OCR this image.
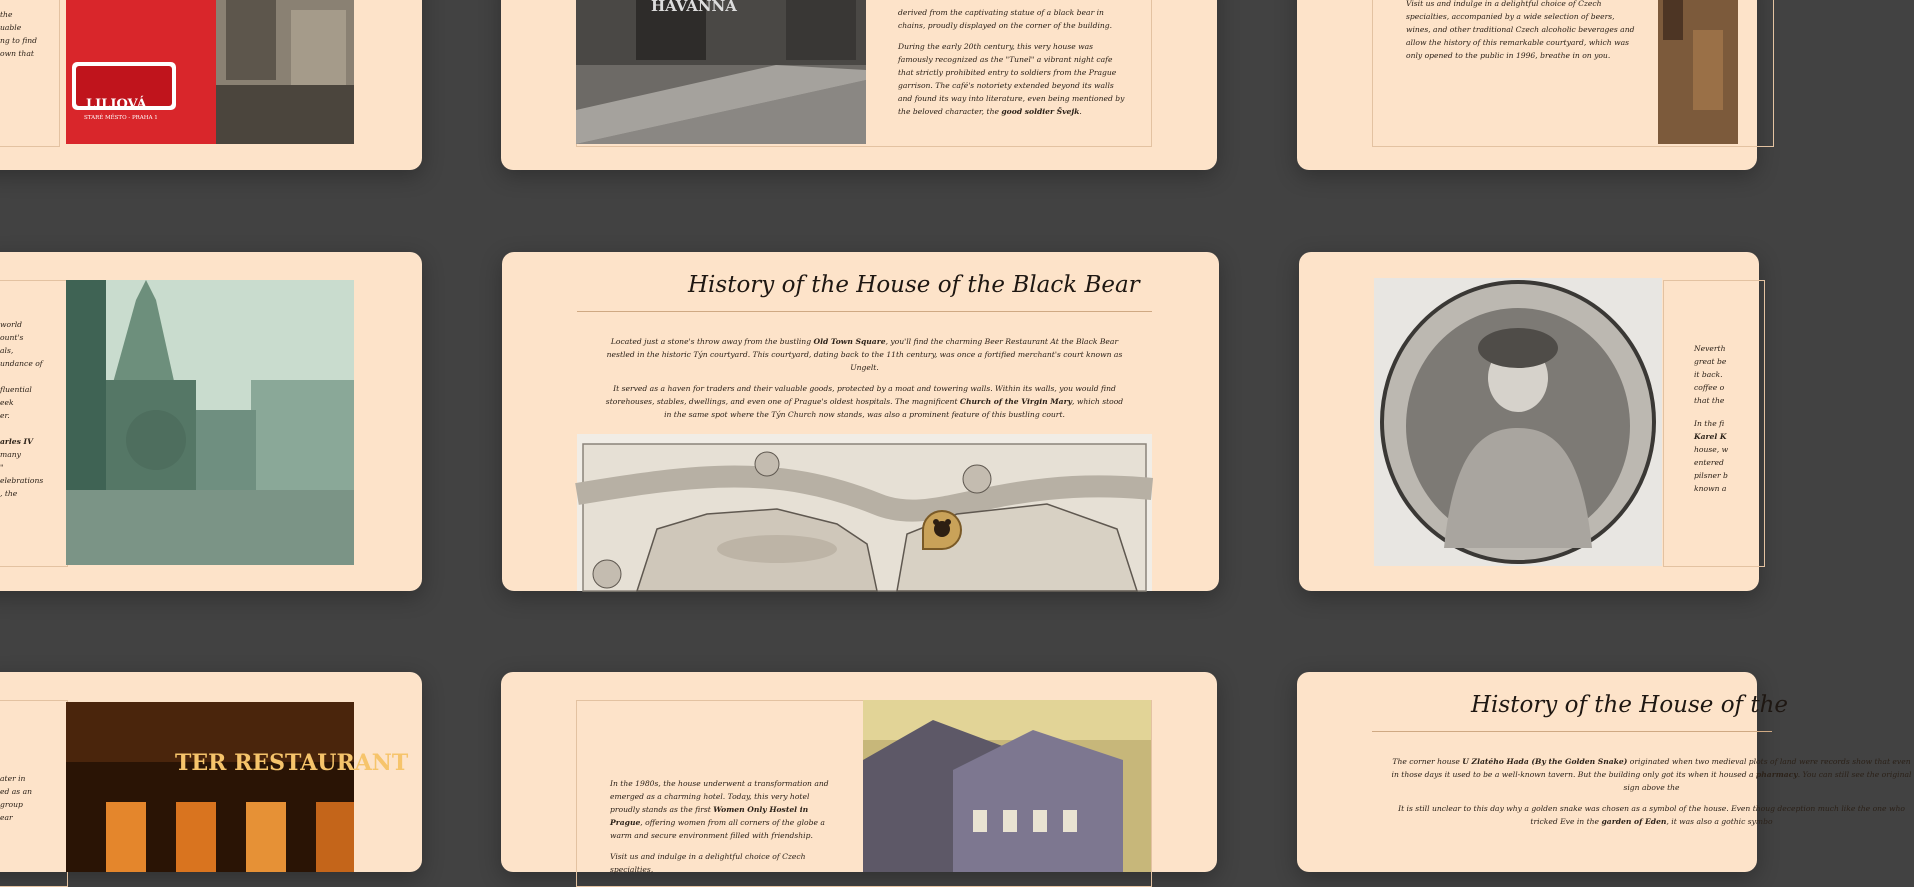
the
uable
ng to find
own that
LILIOVÁ
STARÉ MĚSTO - PRAHA 1
HAVANNA	derived from the captivating statue of a black bear in chains, proudly displayed on the corner of the building.

During the early 20th century, this very house was famously recognized as the "Tunel" a vibrant night cafe that strictly prohibited entry to soldiers from the Prague garrison. The café's notoriety extended beyond its walls and found its way into literature, even being mentioned by the beloved character, the good soldier Švejk.

Visit us and indulge in a delightful choice of Czech specialties, accompanied by a wide selection of beers, wines, and other traditional Czech alcoholic beverages and allow the history of this remarkable courtyard, which was only opened to the public in 1996, breathe in on you.

world
ount's
als,
undance of

fluential
eek
er.

arles IV
many
"
elebrations
, the
History of the House of the Black Bear

Located just a stone's throw away from the bustling Old Town Square, you'll find the charming Beer Restaurant At the Black Bear nestled in the historic Týn courtyard. This courtyard, dating back to the 11th century, was once a fortified merchant's court known as Ungelt.

It served as a haven for traders and their valuable goods, protected by a moat and towering walls. Within its walls, you would find storehouses, stables, dwellings, and even one of Prague's oldest hospitals. The magnificent Church of the Virgin Mary, which stood in the same spot where the Týn Church now stands, was also a prominent feature of this bustling court.

Neverth
great be
it back.
coffee o
that the
In the fi
Karel K
house, w
entered
pilsner b
known a
ater in
ed as an
group
ear
TER RESTAURANT

In the 1980s, the house underwent a transformation and emerged as a charming hotel. Today, this very hotel proudly stands as the first Women Only Hostel in Prague, offering women from all corners of the globe a warm and secure environment filled with friendship.

Visit us and indulge in a delightful choice of Czech specialties,

History of the House of the

The corner house U Zlatého Hada (By the Golden Snake) originated when two medieval plots of land were records show that even in those days it used to be a well-known tavern. But the building only got its when it housed a pharmacy. You can still see the original sign above the

It is still unclear to this day why a golden snake was chosen as a symbol of the house. Even thoug deception much like the one who tricked Eve in the garden of Eden, it was also a gothic symbo
